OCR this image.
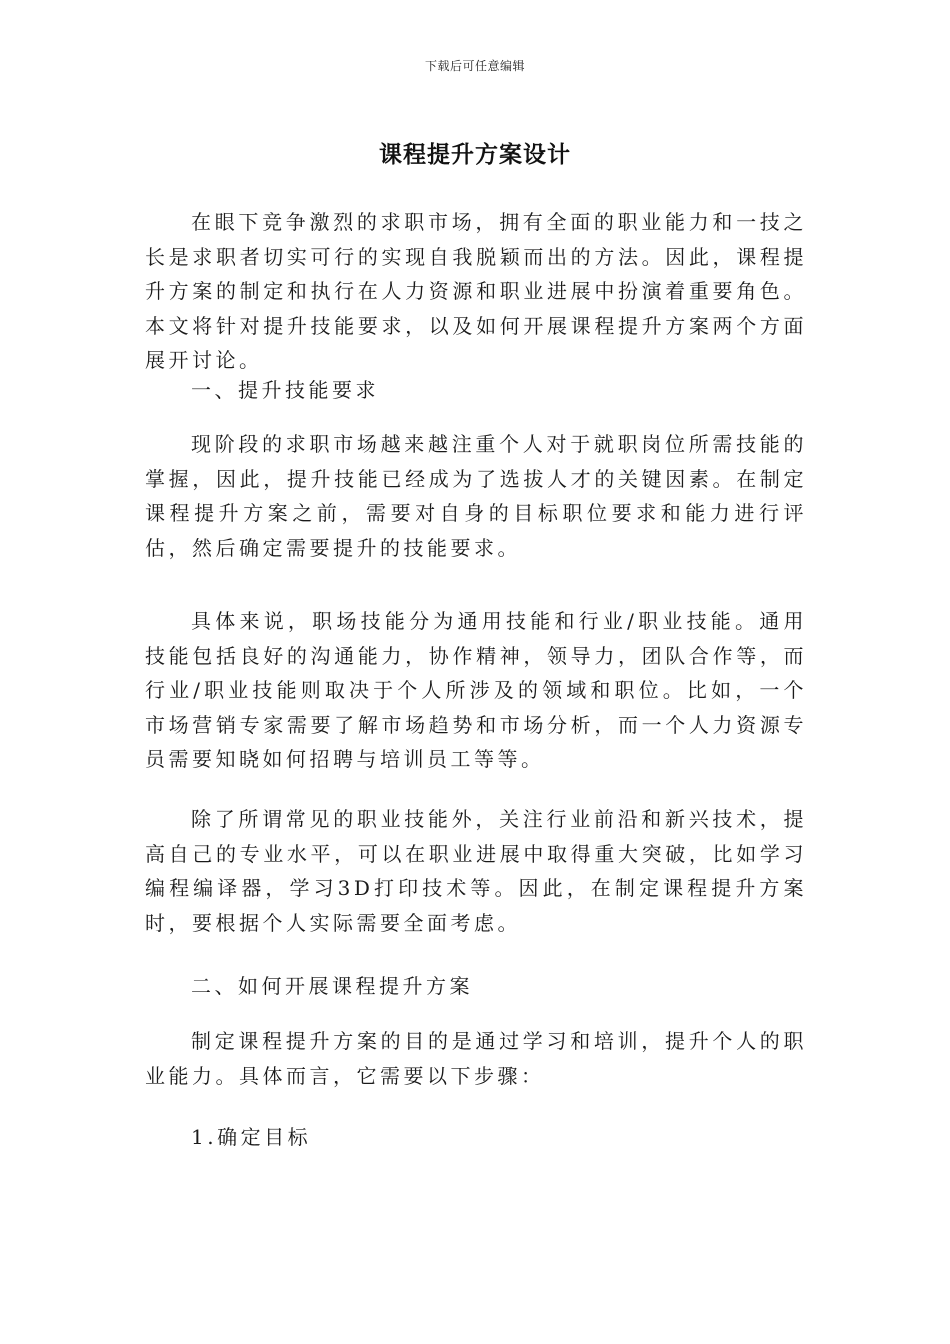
下载后可任意编辑
课程提升方案设计

在眼下竞争激烈的求职市场，拥有全面的职业能力和一技之长是求职者切实可行的实现自我脱颖而出的方法。因此，课程提升方案的制定和执行在人力资源和职业进展中扮演着重要角色。本文将针对提升技能要求，以及如何开展课程提升方案两个方面展开讨论。

一、提升技能要求

现阶段的求职市场越来越注重个人对于就职岗位所需技能的掌握，因此，提升技能已经成为了选拔人才的关键因素。在制定课程提升方案之前，需要对自身的目标职位要求和能力进行评估，然后确定需要提升的技能要求。

具体来说，职场技能分为通用技能和行业/职业技能。通用技能包括良好的沟通能力，协作精神，领导力，团队合作等，而行业/职业技能则取决于个人所涉及的领域和职位。比如，一个市场营销专家需要了解市场趋势和市场分析，而一个人力资源专员需要知晓如何招聘与培训员工等等。

除了所谓常见的职业技能外，关注行业前沿和新兴技术，提高自己的专业水平，可以在职业进展中取得重大突破，比如学习编程编译器，学习3D打印技术等。因此，在制定课程提升方案时，要根据个人实际需要全面考虑。

二、如何开展课程提升方案

制定课程提升方案的目的是通过学习和培训，提升个人的职业能力。具体而言，它需要以下步骤：

1.确定目标
